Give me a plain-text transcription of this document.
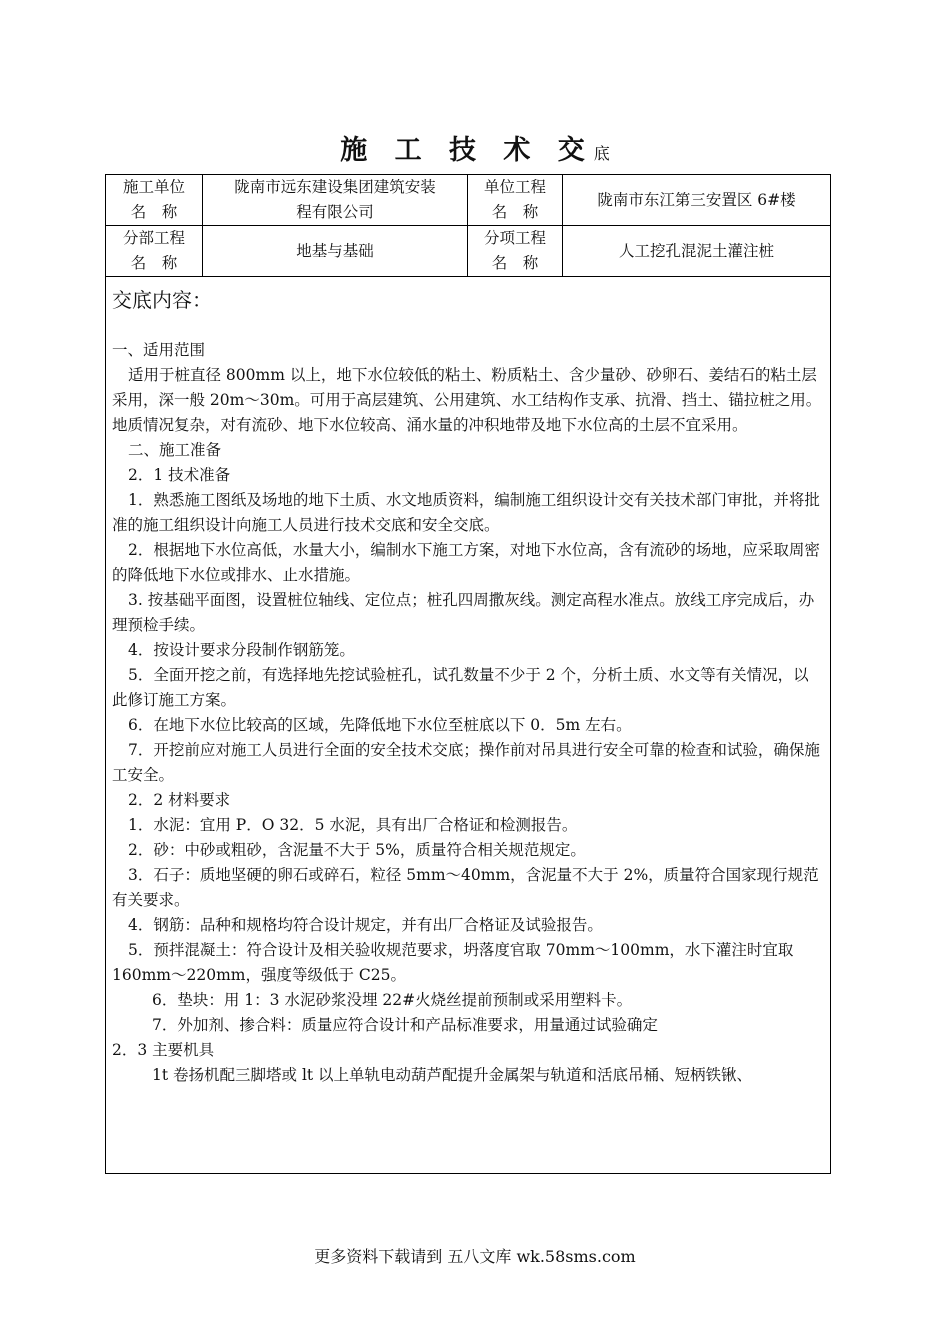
施 工 技 术 交底
施工单位
名　称
陇南市远东建设集团建筑安装
程有限公司
单位工程
名　称
陇南市东江第三安置区 6#楼
分部工程
名　称
地基与基础
分项工程
名　称
人工挖孔混泥土灌注桩
交底内容：
一、适用范围
适用于桩直径 800mm 以上，地下水位较低的粘土、粉质粘土、含少量砂、砂卵石、姜结石的粘土层采用，深一般 20m～30m。可用于高层建筑、公用建筑、水工结构作支承、抗滑、挡土、锚拉桩之用。地质情况复杂，对有流砂、地下水位较高、涌水量的冲积地带及地下水位高的土层不宜采用。
二、施工准备
2．1 技术准备
1．熟悉施工图纸及场地的地下土质、水文地质资料，编制施工组织设计交有关技术部门审批，并将批准的施工组织设计向施工人员进行技术交底和安全交底。
2．根据地下水位高低，水量大小，编制水下施工方案，对地下水位高，含有流砂的场地，应采取周密的降低地下水位或排水、止水措施。
3. 按基础平面图，设置桩位轴线、定位点；桩孔四周撒灰线。测定高程水准点。放线工序完成后，办理预检手续。
4．按设计要求分段制作钢筋笼。
5．全面开挖之前，有选择地先挖试验桩孔，试孔数量不少于 2 个，分析土质、水文等有关情况，以此修订施工方案。
6．在地下水位比较高的区域，先降低地下水位至桩底以下 0．5m 左右。
7．开挖前应对施工人员进行全面的安全技术交底；操作前对吊具进行安全可靠的检查和试验，确保施工安全。
2．2 材料要求
1．水泥：宜用 P．O 32．5 水泥，具有出厂合格证和检测报告。
2．砂：中砂或粗砂，含泥量不大于 5%，质量符合相关规范规定。
3．石子：质地坚硬的卵石或碎石，粒径 5mm～40mm，含泥量不大于 2%，质量符合国家现行规范有关要求。
4．钢筋：品种和规格均符合设计规定，并有出厂合格证及试验报告。
5．预拌混凝土：符合设计及相关验收规范要求，坍落度官取 70mm～100mm，水下灌注时宜取 160mm～220mm，强度等级低于 C25。
6．垫块：用 1：3 水泥砂浆没埋 22#火烧丝提前预制或采用塑料卡。
7．外加剂、掺合料：质量应符合设计和产品标准要求，用量通过试验确定
2．3 主要机具
1t 卷扬机配三脚塔或 lt 以上单轨电动葫芦配提升金属架与轨道和活底吊桶、短柄铁锹、
更多资料下载请到 五八文库 wk.58sms.com
